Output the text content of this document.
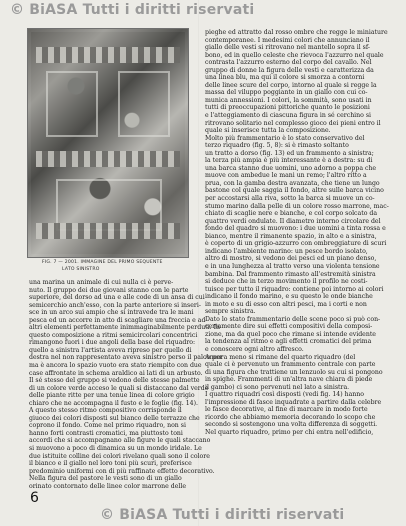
© BiASA Tutti i diritti riservati
FIG. 7 — 2001. IMMAGINE DEL PRIMO SEQUENTE
LATO SINISTRO
pieghe ed attratto dal rosso ombre che regge le miniature
contemporanee. I medesimi colori che annunciano il
giallo delle vesti si ritrovano nel mantello sopra il sf-
bono, ed in quello celeste che rievoca l'azzurro nel quale
contrasta l'azzurro esterno del corpo del cavallo. Nel
gruppo di donne la figura delle vesti e caratterizza da
una linea blu, ma qui il colore si smorza a contorni
delle linee scure del corpo, intorno al quale si regge la
massa del viluppo poggiante in un giallo con cui co-
munica annessioni. I colori, la sommità, sono usati in
tutti di preoccupazioni pittoriche quanto le posizioni
e l'atteggiamento di ciascuna figura in sé cerchino si
ritrovano solitario nel complesso gioco dei pieni entro il
quale si inserisce tutta la composizione.
Molto più frammentario è lo stato conservativo del
terzo riquadro (fig. 5, 8): si è rimasto soltanto
un tratto a dorso (fig. 13) ed un frammento a sinistra;
la terza più ampia è più interessante è a destra: su di
una barca stanno due uomini, uno adorno a poppa che
muove con ambedue le mani un remo; l'altro ritto a
prua, con la gamba destra avanzata, che tiene un lungo
bastone col quale saggia il fondo, altre sulle barca vicino
per accostarsi alla riva, sotto la barca si muove un co-
stumo marino dalla pelle di un colore rosso marrone, mac-
chiato di scaglie nere e bianche, e col corpo solcato da
quattro verdi ondulate. Il diametro interno circolare del
fondo del quadro si muovono: i due uomini a tinta rossa e
bianco, mentre il rimanente spazio, in alto e a sinistra,
è coperto di un grigio-azzurro con ombreggiature di scuri
indicano l'ambiente marino: un pesce bordo isolato,
altro di mostro, si vedono dei pesci ed un piano denso,
e in una lunghezza al tratto verso una violenta tensione
bambina. Dal frammento rimasto all'estremità sinistra
si deduce che in terzo movimento il profilo ne costi-
tuisce per tutto il riquadro: contiene poi intorno ai colori
indicano il fondo marino, e su questo le onde bianche
in moto e su di esso con altri pesci, ma i corti e non
sempre sinistra.
Dato lo stato frammentario delle scene poco si può con-
certamente dire sui effetti compositivi della composi-
zione, ma da quel poco che rimane si intende evidente
la tendenza al ritmo e agli effetti cromatici del prima
e conoscere ogni altro affresco.
Ancora meno si rimane del quarto riquadro (del
quale ci è pervenuto un frammento centrale con parte
di una figura che trattiene un lenzuolo su cui si pongono
in spighe. Frammenti di un'altra nave chiara di piede
il gambo) ci sono pervenuti nel lato a sinistra.
I quattro riquadri così disposti (vedi fig. 14) hanno
l'impressione di fasce inquadrate a partire dalla celebre
le fasce decorative, al fine di marcare in modo forte
ricordo che abbiamo memoria decorando lo scopo che
secondo si sostengono una volta differenza di soggetti.
Nel quarto riquadro, primo per chi entra nell'edificio,
una marina un animale di cui nulla ci è perve-
nuto. Il gruppo dei due giovani stanno con le parte
superiore, del dorso ad una e alle code di un ansa di cui
semicerchio anch'esso, con la parte anteriore si inseri-
sce in un arco sui ampio che si intravede tra le mani
pesca ed un accorre in atto di scagliare una freccia e ad
altri elementi perfettamente inimmaginabilmente perduti. In
questo composizione a ritmi semicircolari concentrici
rimangono fuori i due angoli della base del riquadro:
quello a sinistra l'artista aveva ripreso per quello di
destra nel non rappresentato aveva sinistro perso il palco per
ma è ancora lo spazio vuoto era stato riempito con due
case affrontate in schema araldico ai lati di un arbusto.
Il sé stesso del gruppo si vedono delle stesse palmette
di un colore verde acceso le quali si distaccano dal verde
delle piante ritte per una tenue linea di colore grigio
chiaro che ne accompagna il fusto e le foglie (fig. 14).
A questo stesso ritmo compositivo corrisponde il
giuoco dei colori disposti sul bianco delle terrazze che
coprono il fondo. Come nel primo riquadro, non si
hanno forti contrasti cromatici, ma piuttosto toni
accordi che si accompagnano alle figure le quali staccano
si muovono a poco di dinamica su un mondo iridale. Le
due istituite colline dei colori rivelano quali sono il colore
il bianco e il giallo nel loro toni più scuri, preferisce
predominio uniformi con di più raffinate effetto decorativo.
Nella figura del pastore le vesti sono di un giallo
orinato contornato delle linee color marrone delle
6
© BiASA Tutti i diritti riservati
